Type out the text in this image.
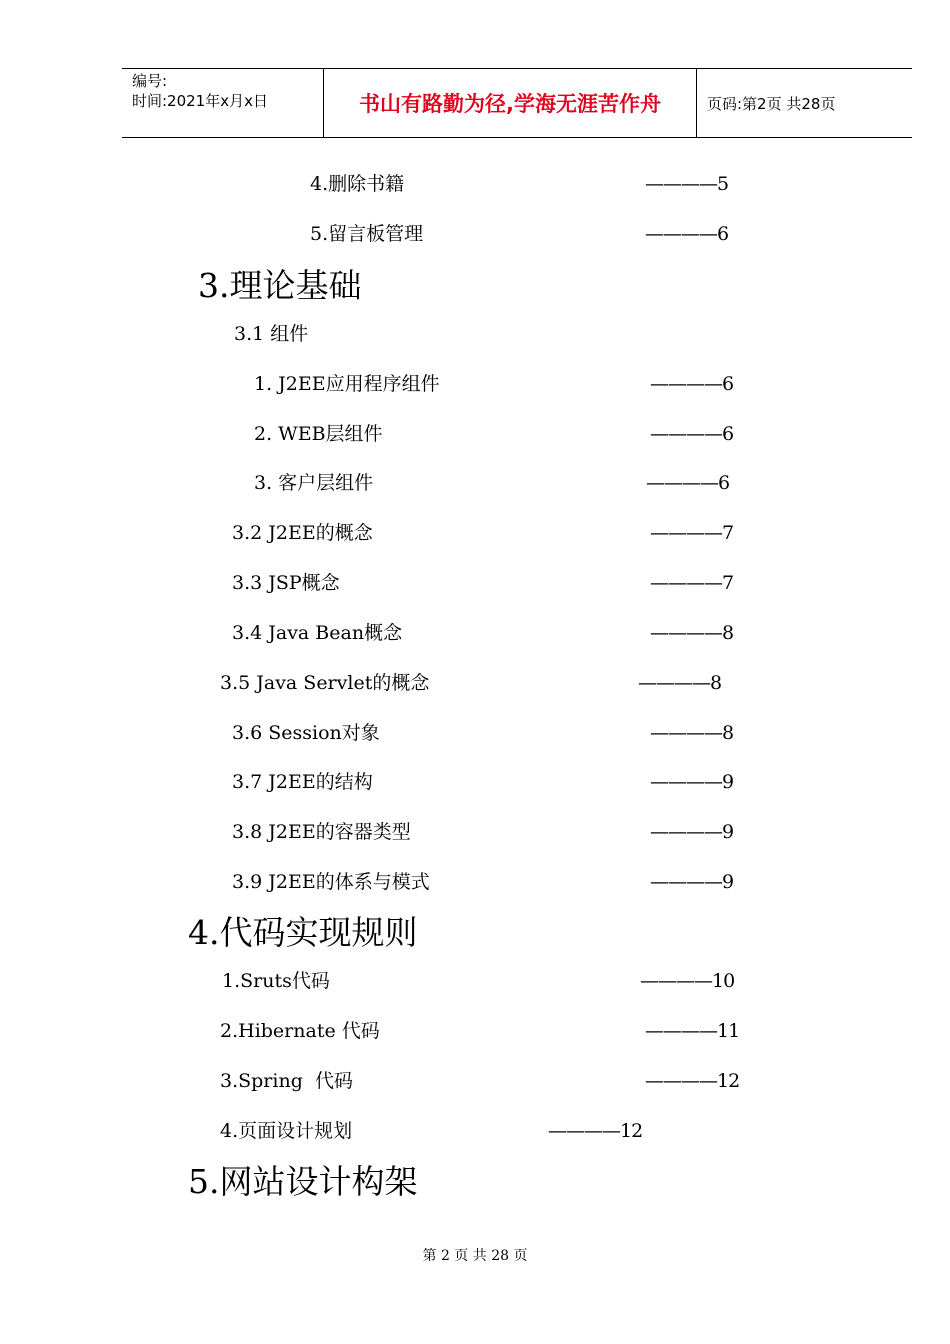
编号:
时间:2021年x月x日	书山有路勤为径,学海无涯苦作舟	页码:第2页 共28页
4.删除书籍	————5
5.留言板管理	————6
3.理论基础
3.1 组件
1. J2EE应用程序组件	————6
2. WEB层组件	————6
3. 客户层组件	————6
3.2 J2EE的概念	————7
3.3 JSP概念	————7
3.4 Java Bean概念	————8
3.5 Java Servlet的概念	————8
3.6 Session对象	————8
3.7 J2EE的结构	————9
3.8 J2EE的容器类型	————9
3.9 J2EE的体系与模式	————9
4.代码实现规则
1.Sruts代码	————10
2.Hibernate 代码	————11
3.Spring  代码	————12
4.页面设计规划	————12
5.网站设计构架
第 2 页 共 28 页
